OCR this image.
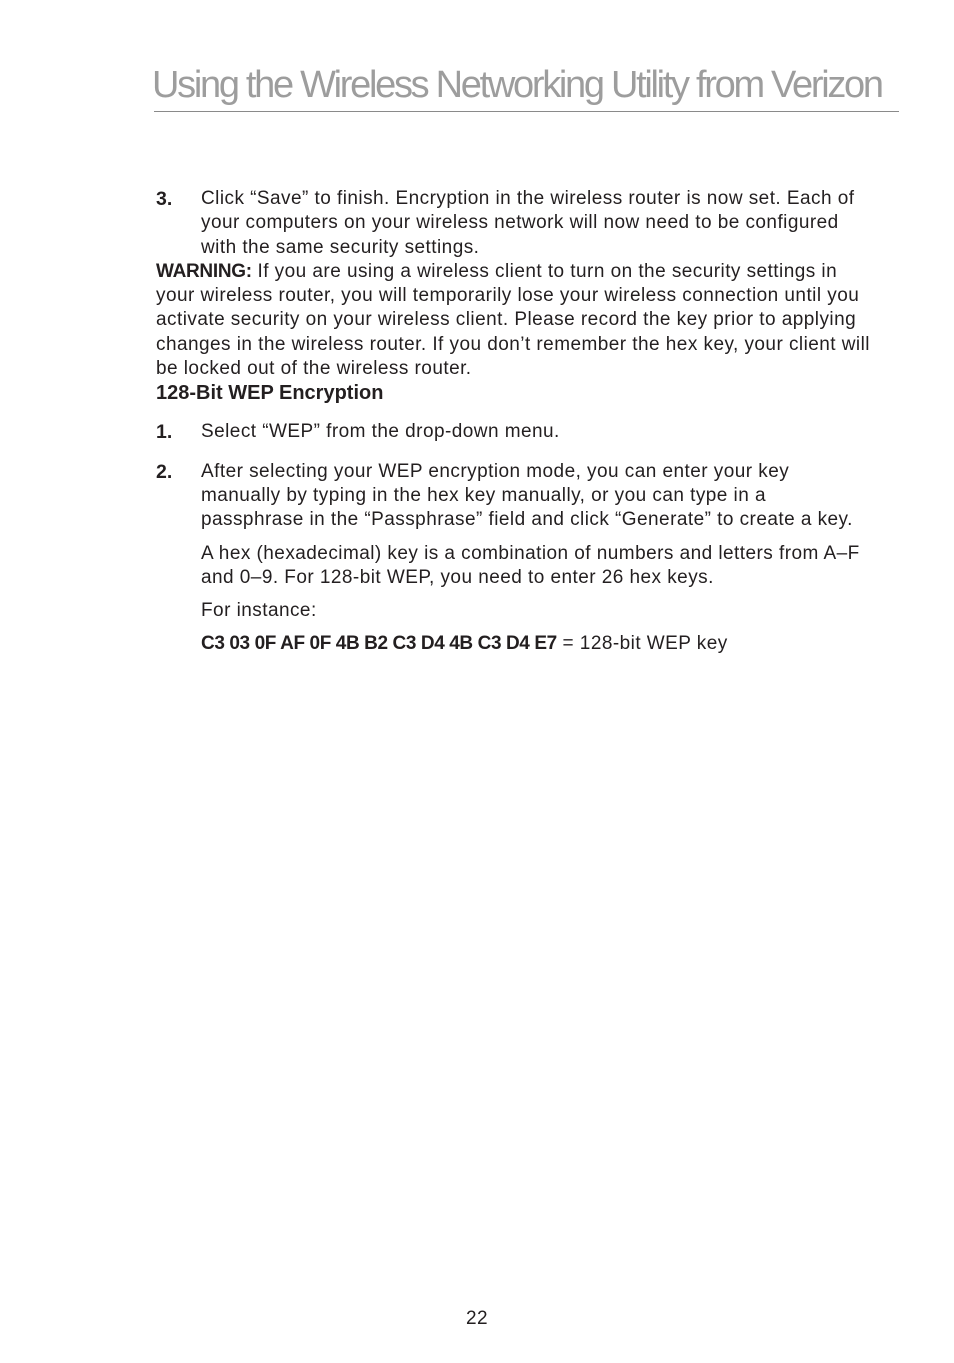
Using the Wireless Networking Utility from Verizon
3. Click “Save” to finish. Encryption in the wireless router is now set. Each of your computers on your wireless network will now need to be configured with the same security settings.

WARNING: If you are using a wireless client to turn on the security settings in your wireless router, you will temporarily lose your wireless connection until you activate security on your wireless client. Please record the key prior to applying changes in the wireless router. If you don’t remember the hex key, your client will be locked out of the wireless router.

128-Bit WEP Encryption

1. Select “WEP” from the drop-down menu.

2. After selecting your WEP encryption mode, you can enter your key manually by typing in the hex key manually, or you can type in a passphrase in the “Passphrase” field and click “Generate” to create a key.

A hex (hexadecimal) key is a combination of numbers and letters from A–F and 0–9. For 128-bit WEP, you need to enter 26 hex keys.

For instance:

C3 03 0F AF 0F 4B B2 C3 D4 4B C3 D4 E7 = 128-bit WEP key

22
